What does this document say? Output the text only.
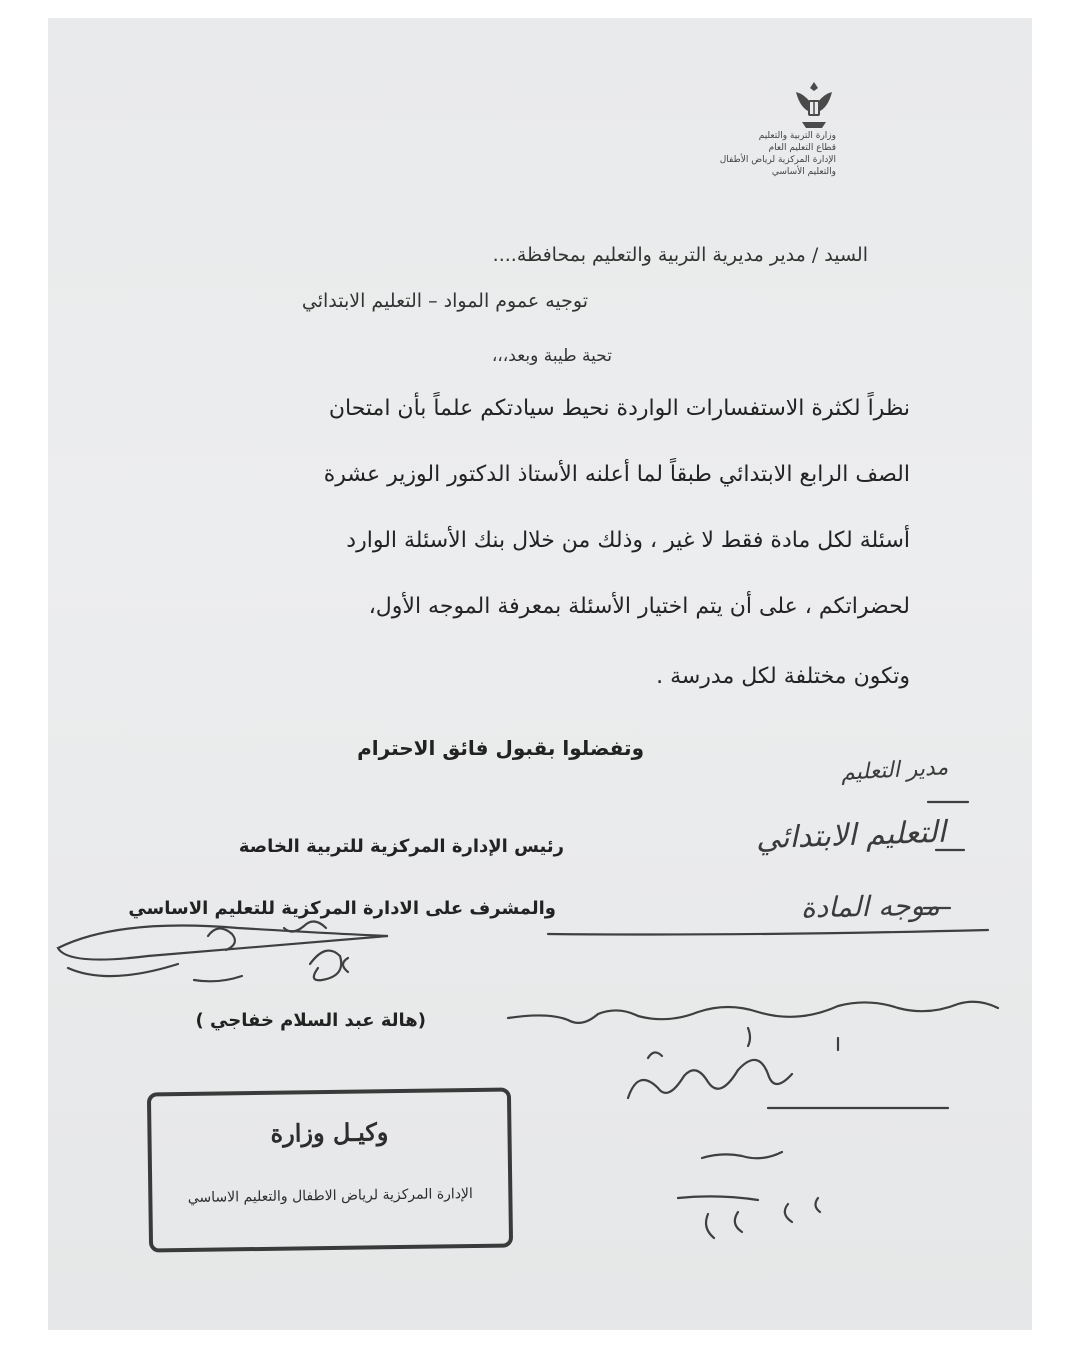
وزارة التربية والتعليم
قطاع التعليم العام
الإدارة المركزية لرياض الأطفال
والتعليم الأساسي
السيد / مدير مديرية التربية والتعليم بمحافظة....
توجيه عموم المواد – التعليم الابتدائي
تحية طيبة وبعد،،،
نظراً لكثرة الاستفسارات الواردة نحيط سيادتكم علماً بأن امتحان
الصف الرابع الابتدائي طبقاً لما أعلنه الأستاذ الدكتور الوزير عشرة
أسئلة لكل مادة فقط لا غير ، وذلك من خلال بنك الأسئلة الوارد
لحضراتكم ، على أن يتم اختيار الأسئلة بمعرفة الموجه الأول،
وتكون مختلفة لكل مدرسة .
وتفضلوا بقبول فائق الاحترام
رئيس الإدارة المركزية للتربية الخاصة
والمشرف على الادارة المركزية للتعليم الاساسي
(هالة عبد السلام خفاجي )
مدير التعليم
التعليم الابتدائي
موجه المادة
وكيـل وزارة
الإدارة المركزية لرياض الاطفال والتعليم الاساسي
